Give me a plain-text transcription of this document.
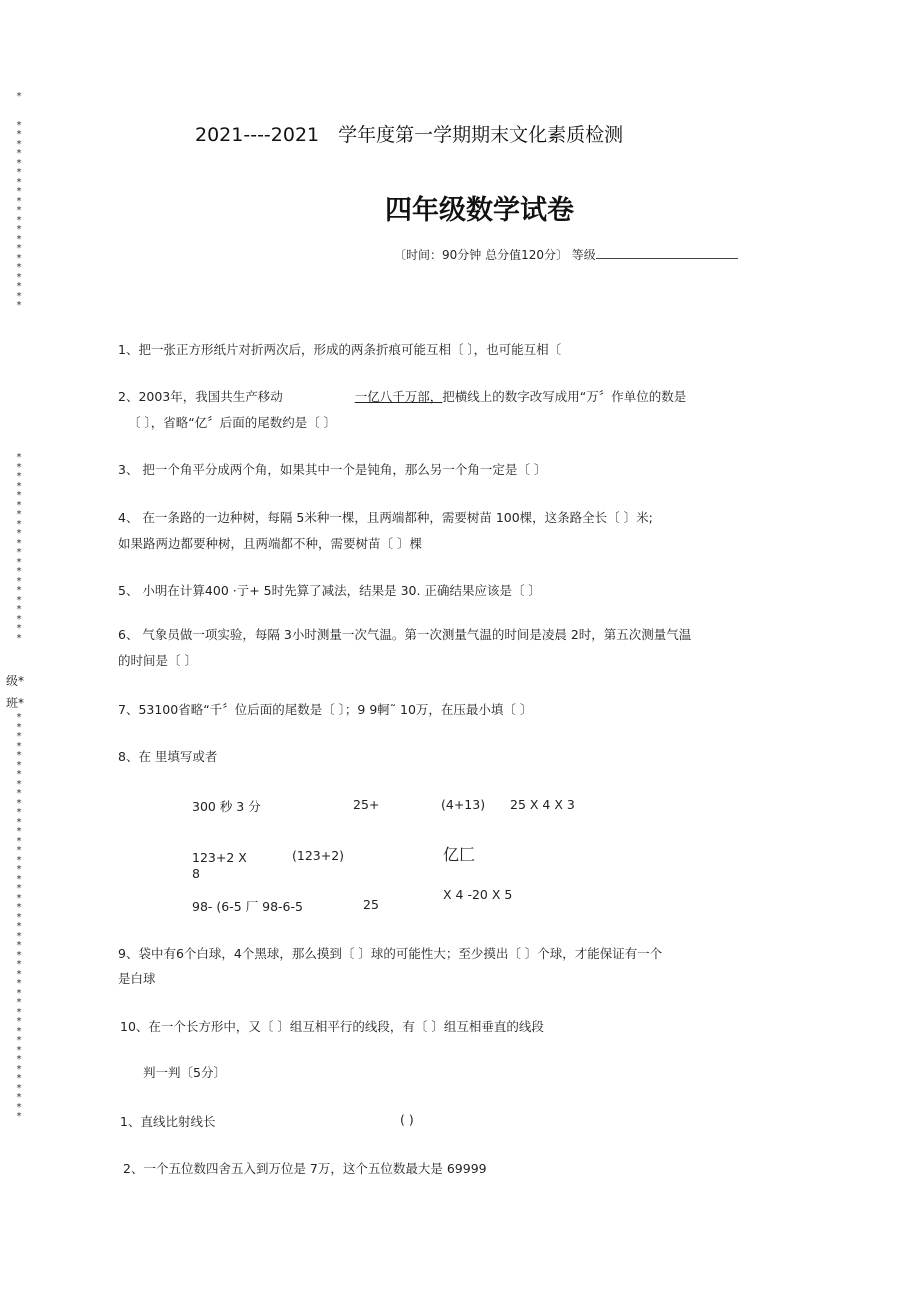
*

*
*
*
*
*
*
*
*
*
*
*
*
*
*
*
*
*
*
*
*
*
*
*
*
*
*
*
*
*
*
*
*
*
*
*
*
*
*
*
*
级*
班*
*
*
*
*
*
*
*
*
*
*
*
*
*
*
*
*
*
*
*
*
*
*
*
*
*
*
*
*
*
*
*
*
*
*
*
*
*
*
*
*
*
*
*
2021----2021　学年度第一学期期末文化素质检测
四年级数学试卷
〔时间：90分钟 总分值120分〕 等级
1、把一张正方形纸片对折两次后，形成的两条折痕可能互相〔 〕，也可能互相〔
2、2003年，我国共生产移动	一亿八千万部，把横线上的数字改写成用“万〞作单位的数是
〔 〕，省略“亿〞后面的尾数约是〔 〕
3、 把一个角平分成两个角，如果其中一个是钝角，那么另一个角一定是〔 〕
4、 在一条路的一边种树，每隔 5米种一棵，且两端都种，需要树苗 100棵，这条路全长〔 〕米;
如果路两边都要种树，且两端都不种，需要树苗〔 〕棵
5、 小明在计算400 ·亍+ 5时先算了减法，结果是 30. 正确结果应该是〔 〕
6、 气象员做一项实验，每隔 3小时测量一次气温。第一次测量气温的时间是凌晨 2时，第五次测量气温
的时间是〔 〕
7、53100省略“千〞位后面的尾数是〔 〕；9 9軻˜ 10万，在压最小填〔 〕
8、在 里填写或者
300 秒 3 分	25+	(4+13) 25 X 4 X 3
123+2 X
8
(123+2)	亿匚
98- (6-5 厂 98-6-5	25
X 4 -20 X 5
9、袋中有6个白球，4个黑球，那么摸到〔 〕球的可能性大；至少摸出〔 〕个球，才能保证有一个
是白球
10、在一个长方形中，又〔 〕组互相平行的线段，有〔 〕组互相垂直的线段
判一判〔5分〕
1、直线比射线长	( )
2、一个五位数四舍五入到万位是 7万，这个五位数最大是 69999
